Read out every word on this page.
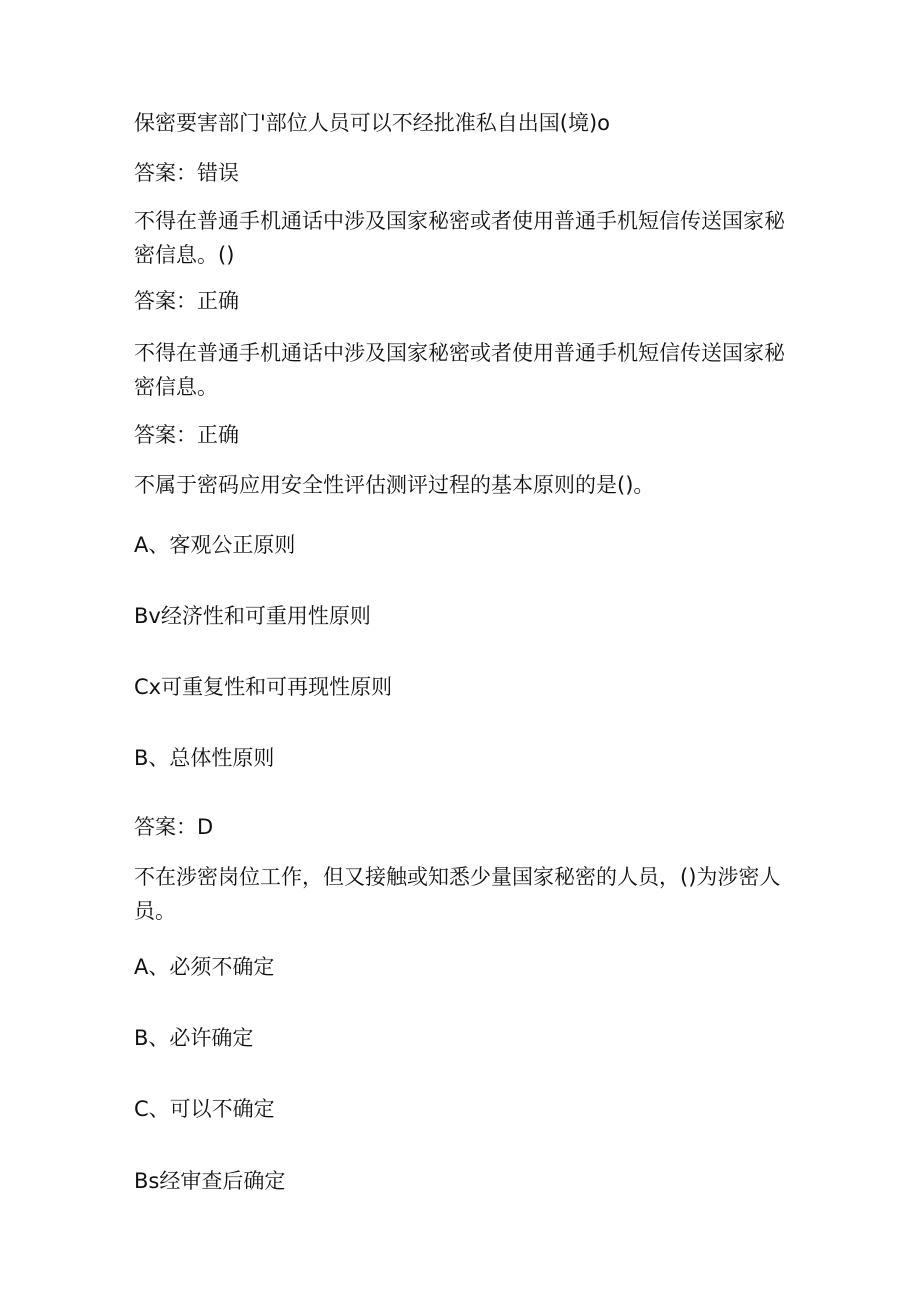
保密要害部门'部位人员可以不经批准私自出国(境)o

答案：错误

不得在普通手机通话中涉及国家秘密或者使用普通手机短信传送国家秘密信息。()

答案：正确

不得在普通手机通话中涉及国家秘密或者使用普通手机短信传送国家秘密信息。

答案：正确

不属于密码应用安全性评估测评过程的基本原则的是()。

A、客观公正原则

Bv经济性和可重用性原则

Cx可重复性和可再现性原则

B、总体性原则

答案：D

不在涉密岗位工作，但又接触或知悉少量国家秘密的人员，()为涉密人员。

A、必须不确定

B、必许确定

C、可以不确定

Bs经审查后确定
